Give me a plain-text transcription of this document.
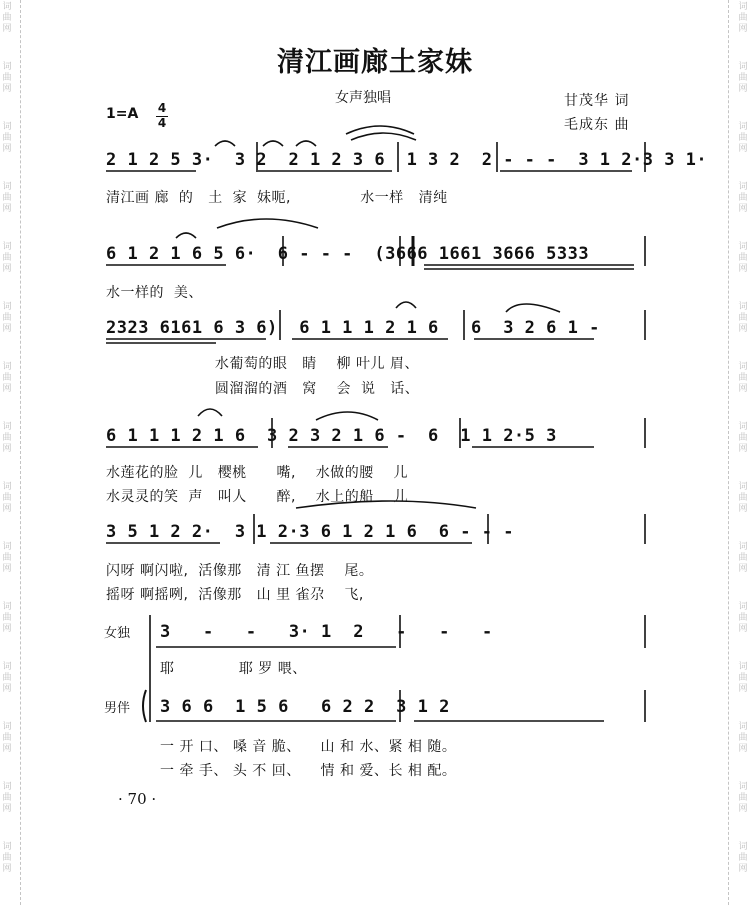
词
曲
网
词
曲
网
词
曲
网
词
曲
网
词
曲
网
词
曲
网
词
曲
网
词
曲
网
词
曲
网
词
曲
网
词
曲
网
词
曲
网
词
曲
网
词
曲
网
词
曲
网
词
曲
网
词
曲
网
词
曲
网
词
曲
网
词
曲
网
词
曲
网
词
曲
网
词
曲
网
词
曲
网
词
曲
网
词
曲
网
词
曲
网
词
曲
网
词
曲
网
词
曲
网
清江画廊土家妹
女声独唱	甘茂华 词
毛成东 曲
1=A 4
4
2 1 2 5 3·  3 2  2 1 2 3 6  1 3 2  2 - - -  3 1 2·3 3 1·
清江画 廊  的   土  家  妹呃,              水一样   清纯
6 1 2 1 6 5 6·  6 - - -  (3666 1661 3666 5333
水一样的  美、
2323 6161 6 3 6)  6 1 1 1 2 1 6   6  3 2 6 1 -
水葡萄的眼   睛    柳 叶儿 眉、
圆溜溜的酒   窝    会  说   话、
6 1 1 1 2 1 6  3 2 3 2 1 6 -  6  1 1 2·5 3
水莲花的脸  儿   樱桃      嘴,    水做的腰    儿
水灵灵的笑  声   叫人      醉,    水上的船    儿
3 5 1 2 2·  3 1 2·3 6 1 2 1 6  6 - - -
闪呀 啊闪啦,  活像那   清 江 鱼摆    尾。
摇呀 啊摇咧,  活像那   山 里 雀尕    飞,
女独 3   -   -   3· 1  2   -   -   -
耶             耶 罗 喂、
男伴 3 6 6  1 5 6   6 2 2  3 1 2
一 开 口、 嗓 音 脆、    山 和 水、紧 相 随。
一 牵 手、 头 不 回、    情 和 爱、长 相 配。
· 70 ·
